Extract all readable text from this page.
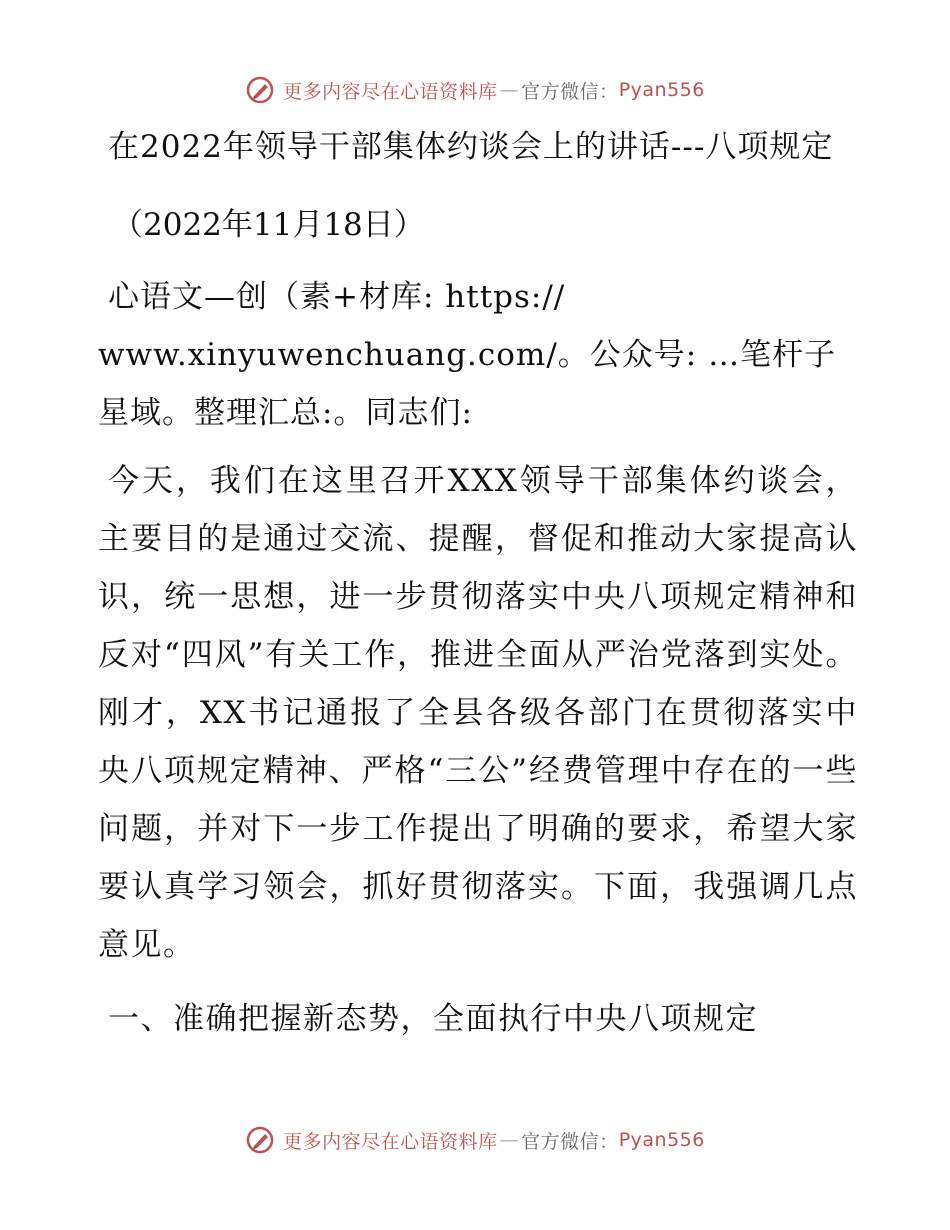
更多内容尽在心语资料库 — 官方微信： Pyan556
在2022年领导干部集体约谈会上的讲话---八项规定

（2022年11月18日）

心语文—创（素+材库: https:// www.xinyuwenchuang.com/。公众号: …笔杆子星域。整理汇总:。同志们:

今天，我们在这里召开XXX领导干部集体约谈会，主要目的是通过交流、提醒，督促和推动大家提高认识，统一思想，进一步贯彻落实中央八项规定精神和反对“四风”有关工作，推进全面从严治党落到实处。刚才，XX书记通报了全县各级各部门在贯彻落实中央八项规定精神、严格“三公”经费管理中存在的一些问题，并对下一步工作提出了明确的要求，希望大家要认真学习领会，抓好贯彻落实。下面，我强调几点意见。

一、准确把握新态势，全面执行中央八项规定

更多内容尽在心语资料库 — 官方微信： Pyan556
